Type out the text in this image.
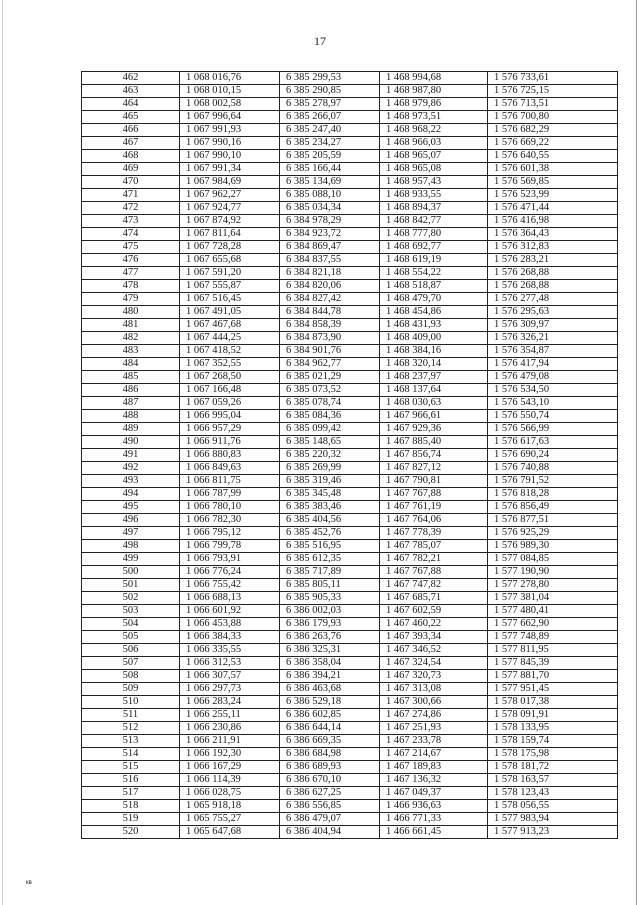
17
462	1 068 016,76	6 385 299,53	1 468 994,68	1 576 733,61
463	1 068 010,15	6 385 290,85	1 468 987,80	1 576 725,15
464	1 068 002,58	6 385 278,97	1 468 979,86	1 576 713,51
465	1 067 996,64	6 385 266,07	1 468 973,51	1 576 700,80
466	1 067 991,93	6 385 247,40	1 468 968,22	1 576 682,29
467	1 067 990,16	6 385 234,27	1 468 966,03	1 576 669,22
468	1 067 990,10	6 385 205,59	1 468 965,07	1 576 640,55
469	1 067 991,34	6 385 166,44	1 468 965,08	1 576 601,38
470	1 067 984,69	6 385 134,69	1 468 957,43	1 576 569,85
471	1 067 962,27	6 385 088,10	1 468 933,55	1 576 523,99
472	1 067 924,77	6 385 034,34	1 468 894,37	1 576 471,44
473	1 067 874,92	6 384 978,29	1 468 842,77	1 576 416,98
474	1 067 811,64	6 384 923,72	1 468 777,80	1 576 364,43
475	1 067 728,28	6 384 869,47	1 468 692,77	1 576 312,83
476	1 067 655,68	6 384 837,55	1 468 619,19	1 576 283,21
477	1 067 591,20	6 384 821,18	1 468 554,22	1 576 268,88
478	1 067 555,87	6 384 820,06	1 468 518,87	1 576 268,88
479	1 067 516,45	6 384 827,42	1 468 479,70	1 576 277,48
480	1 067 491,05	6 384 844,78	1 468 454,86	1 576 295,63
481	1 067 467,68	6 384 858,39	1 468 431,93	1 576 309,97
482	1 067 444,25	6 384 873,90	1 468 409,00	1 576 326,21
483	1 067 418,52	6 384 901,76	1 468 384,16	1 576 354,87
484	1 067 352,55	6 384 962,77	1 468 320,14	1 576 417,94
485	1 067 268,50	6 385 021,29	1 468 237,97	1 576 479,08
486	1 067 166,48	6 385 073,52	1 468 137,64	1 576 534,50
487	1 067 059,26	6 385 078,74	1 468 030,63	1 576 543,10
488	1 066 995,04	6 385 084,36	1 467 966,61	1 576 550,74
489	1 066 957,29	6 385 099,42	1 467 929,36	1 576 566,99
490	1 066 911,76	6 385 148,65	1 467 885,40	1 576 617,63
491	1 066 880,83	6 385 220,32	1 467 856,74	1 576 690,24
492	1 066 849,63	6 385 269,99	1 467 827,12	1 576 740,88
493	1 066 811,75	6 385 319,46	1 467 790,81	1 576 791,52
494	1 066 787,99	6 385 345,48	1 467 767,88	1 576 818,28
495	1 066 780,10	6 385 383,46	1 467 761,19	1 576 856,49
496	1 066 782,30	6 385 404,56	1 467 764,06	1 576 877,51
497	1 066 795,12	6 385 452,76	1 467 778,39	1 576 925,29
498	1 066 799,78	6 385 516,95	1 467 785,07	1 576 989,30
499	1 066 793,91	6 385 612,35	1 467 782,21	1 577 084,85
500	1 066 776,24	6 385 717,89	1 467 767,88	1 577 190,90
501	1 066 755,42	6 385 805,11	1 467 747,82	1 577 278,80
502	1 066 688,13	6 385 905,33	1 467 685,71	1 577 381,04
503	1 066 601,92	6 386 002,03	1 467 602,59	1 577 480,41
504	1 066 453,88	6 386 179,93	1 467 460,22	1 577 662,90
505	1 066 384,33	6 386 263,76	1 467 393,34	1 577 748,89
506	1 066 335,55	6 386 325,31	1 467 346,52	1 577 811,95
507	1 066 312,53	6 386 358,04	1 467 324,54	1 577 845,39
508	1 066 307,57	6 386 394,21	1 467 320,73	1 577 881,70
509	1 066 297,73	6 386 463,68	1 467 313,08	1 577 951,45
510	1 066 283,24	6 386 529,18	1 467 300,66	1 578 017,38
511	1 066 255,11	6 386 602,85	1 467 274,86	1 578 091,91
512	1 066 230,86	6 386 644,14	1 467 251,93	1 578 133,95
513	1 066 211,91	6 386 669,35	1 467 233,78	1 578 159,74
514	1 066 192,30	6 386 684,98	1 467 214,67	1 578 175,98
515	1 066 167,29	6 386 689,93	1 467 189,83	1 578 181,72
516	1 066 114,39	6 386 670,10	1 467 136,32	1 578 163,57
517	1 066 028,75	6 386 627,25	1 467 049,37	1 578 123,43
518	1 065 918,18	6 386 556,85	1 466 936,63	1 578 056,55
519	1 065 755,27	6 386 479,07	1 466 771,33	1 577 983,94
520	1 065 647,68	6 386 404,94	1 466 661,45	1 577 913,23
кв
